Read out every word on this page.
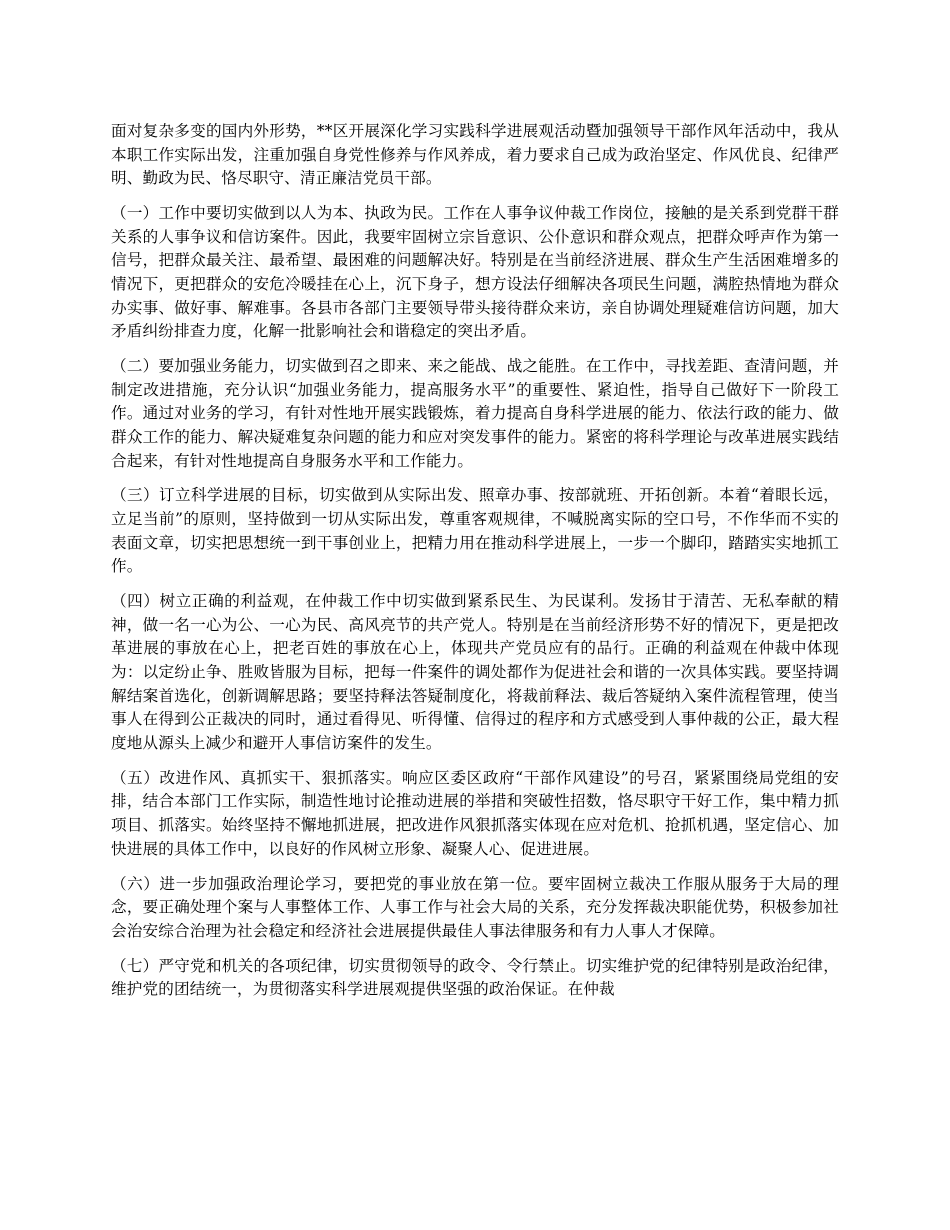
面对复杂多变的国内外形势，**区开展深化学习实践科学进展观活动暨加强领导干部作风年活动中，我从本职工作实际出发，注重加强自身党性修养与作风养成，着力要求自己成为政治坚定、作风优良、纪律严明、勤政为民、恪尽职守、清正廉洁党员干部。

（一）工作中要切实做到以人为本、执政为民。工作在人事争议仲裁工作岗位，接触的是关系到党群干群关系的人事争议和信访案件。因此，我要牢固树立宗旨意识、公仆意识和群众观点，把群众呼声作为第一信号，把群众最关注、最希望、最困难的问题解决好。特别是在当前经济进展、群众生产生活困难增多的情况下，更把群众的安危冷暖挂在心上，沉下身子，想方设法仔细解决各项民生问题，满腔热情地为群众办实事、做好事、解难事。各县市各部门主要领导带头接待群众来访，亲自协调处理疑难信访问题，加大矛盾纠纷排查力度，化解一批影响社会和谐稳定的突出矛盾。

（二）要加强业务能力，切实做到召之即来、来之能战、战之能胜。在工作中，寻找差距、查清问题，并制定改进措施，充分认识“加强业务能力，提高服务水平”的重要性、紧迫性，指导自己做好下一阶段工作。通过对业务的学习，有针对性地开展实践锻炼，着力提高自身科学进展的能力、依法行政的能力、做群众工作的能力、解决疑难复杂问题的能力和应对突发事件的能力。紧密的将科学理论与改革进展实践结合起来，有针对性地提高自身服务水平和工作能力。

（三）订立科学进展的目标，切实做到从实际出发、照章办事、按部就班、开拓创新。本着“着眼长远，立足当前”的原则，坚持做到一切从实际出发，尊重客观规律，不喊脱离实际的空口号，不作华而不实的表面文章，切实把思想统一到干事创业上，把精力用在推动科学进展上，一步一个脚印，踏踏实实地抓工作。

（四）树立正确的利益观，在仲裁工作中切实做到紧系民生、为民谋利。发扬甘于清苦、无私奉献的精神，做一名一心为公、一心为民、高风亮节的共产党人。特别是在当前经济形势不好的情况下，更是把改革进展的事放在心上，把老百姓的事放在心上，体现共产党员应有的品行。正确的利益观在仲裁中体现为：以定纷止争、胜败皆服为目标，把每一件案件的调处都作为促进社会和谐的一次具体实践。要坚持调解结案首选化，创新调解思路；要坚持释法答疑制度化，将裁前释法、裁后答疑纳入案件流程管理，使当事人在得到公正裁决的同时，通过看得见、听得懂、信得过的程序和方式感受到人事仲裁的公正，最大程度地从源头上减少和避开人事信访案件的发生。

（五）改进作风、真抓实干、狠抓落实。响应区委区政府“干部作风建设”的号召，紧紧围绕局党组的安排，结合本部门工作实际，制造性地讨论推动进展的举措和突破性招数，恪尽职守干好工作，集中精力抓项目、抓落实。始终坚持不懈地抓进展，把改进作风狠抓落实体现在应对危机、抢抓机遇，坚定信心、加快进展的具体工作中，以良好的作风树立形象、凝聚人心、促进进展。

（六）进一步加强政治理论学习，要把党的事业放在第一位。要牢固树立裁决工作服从服务于大局的理念，要正确处理个案与人事整体工作、人事工作与社会大局的关系，充分发挥裁决职能优势，积极参加社会治安综合治理为社会稳定和经济社会进展提供最佳人事法律服务和有力人事人才保障。

（七）严守党和机关的各项纪律，切实贯彻领导的政令、令行禁止。切实维护党的纪律特别是政治纪律，维护党的团结统一，为贯彻落实科学进展观提供坚强的政治保证。在仲裁
